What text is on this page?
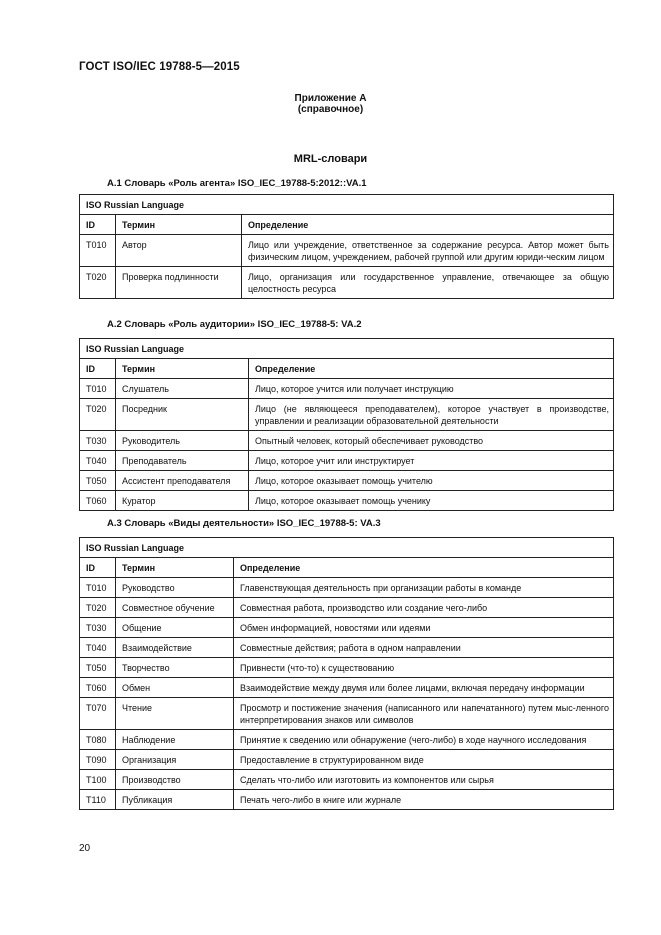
ГОСТ ISO/IEC 19788-5—2015
Приложение А
(справочное)
MRL-словари
А.1 Словарь «Роль агента» ISO_IEC_19788-5:2012::VA.1
ISO Russian Language		
ID	Термин	Определение
T010	Автор	Лицо или учреждение, ответственное за содержание ресурса. Автор может быть физическим лицом, учреждением, рабочей группой или другим юриди-ческим лицом
T020	Проверка подлинности	Лицо, организация или государственное управление, отвечающее за общую целостность ресурса
А.2 Словарь «Роль аудитории» ISO_IEC_19788-5: VA.2
ISO Russian Language		
ID	Термин	Определение
T010	Слушатель	Лицо, которое учится или получает инструкцию
T020	Посредник	Лицо (не являющееся преподавателем), которое участвует в производстве, управлении и реализации образовательной деятельности
T030	Руководитель	Опытный человек, который обеспечивает руководство
T040	Преподаватель	Лицо, которое учит или инструктирует
T050	Ассистент преподавателя	Лицо, которое оказывает помощь учителю
T060	Куратор	Лицо, которое оказывает помощь ученику
А.3 Словарь «Виды деятельности» ISO_IEC_19788-5: VA.3
ISO Russian Language		
ID	Термин	Определение
T010	Руководство	Главенствующая деятельность при организации работы в команде
T020	Совместное обучение	Совместная работа, производство или создание чего-либо
T030	Общение	Обмен информацией, новостями или идеями
T040	Взаимодействие	Совместные действия; работа в одном направлении
T050	Творчество	Привнести (что-то) к существованию
T060	Обмен	Взаимодействие между двумя или более лицами, включая передачу информации
T070	Чтение	Просмотр и постижение значения (написанного или напечатанного) путем мыс-ленного интерпретирования знаков или символов
T080	Наблюдение	Принятие к сведению или обнаружение (чего-либо) в ходе научного исследования
T090	Организация	Предоставление в структурированном виде
T100	Производство	Сделать что-либо или изготовить из компонентов или сырья
T110	Публикация	Печать чего-либо в книге или журнале
20
